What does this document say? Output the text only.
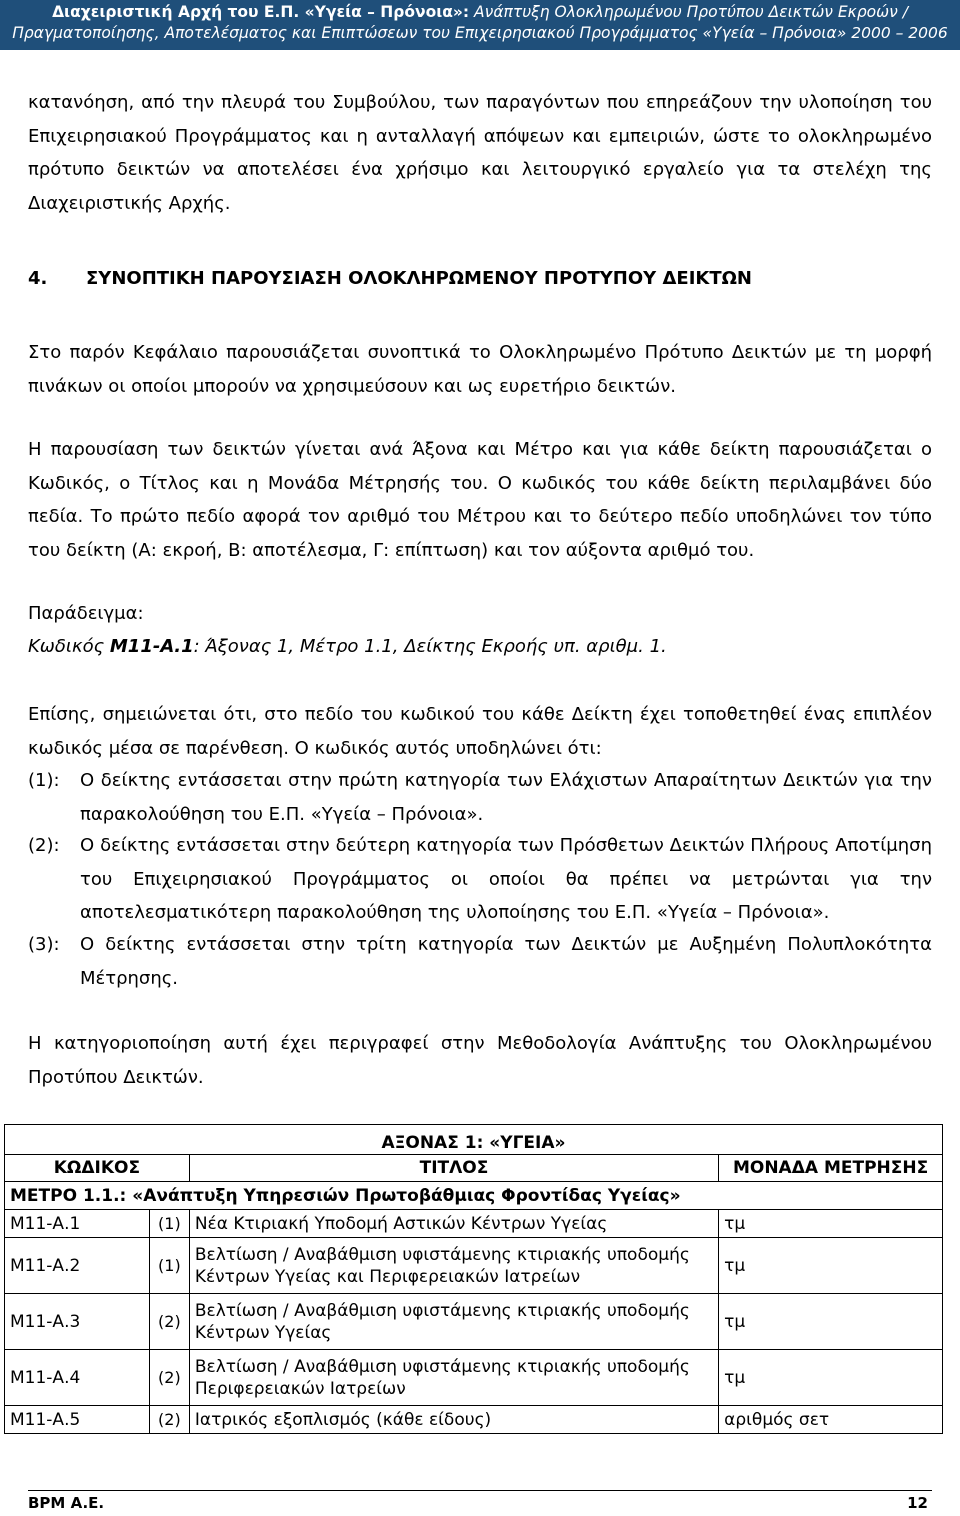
Διαχειριστική Αρχή του Ε.Π. «Υγεία – Πρόνοια»: Ανάπτυξη Ολοκληρωμένου Προτύπου Δεικτών Εκροών /
Πραγματοποίησης, Αποτελέσματος και Επιπτώσεων του Επιχειρησιακού Προγράμματος «Υγεία – Πρόνοια» 2000 – 2006
κατανόηση, από την πλευρά του Συμβούλου, των παραγόντων που επηρεάζουν την υλοποίηση του Επιχειρησιακού Προγράμματος και η ανταλλαγή απόψεων και εμπειριών, ώστε το ολοκληρωμένο πρότυπο δεικτών να αποτελέσει ένα χρήσιμο και λειτουργικό εργαλείο για τα στελέχη της Διαχειριστικής Αρχής.
4. ΣΥΝΟΠΤΙΚΗ ΠΑΡΟΥΣΙΑΣΗ ΟΛΟΚΛΗΡΩΜΕΝΟΥ ΠΡΟΤΥΠΟΥ ΔΕΙΚΤΩΝ
Στο παρόν Κεφάλαιο παρουσιάζεται συνοπτικά το Ολοκληρωμένο Πρότυπο Δεικτών με τη μορφή πινάκων οι οποίοι μπορούν να χρησιμεύσουν και ως ευρετήριο δεικτών.
Η παρουσίαση των δεικτών γίνεται ανά Άξονα και Μέτρο και για κάθε δείκτη παρουσιάζεται ο Κωδικός, ο Τίτλος και η Μονάδα Μέτρησής του. Ο κωδικός του κάθε δείκτη περιλαμβάνει δύο πεδία. Το πρώτο πεδίο αφορά τον αριθμό του Μέτρου και το δεύτερο πεδίο υποδηλώνει τον τύπο του δείκτη (Α: εκροή, Β: αποτέλεσμα, Γ: επίπτωση) και τον αύξοντα αριθμό του.
Παράδειγμα:
Κωδικός Μ11-Α.1: Άξονας 1, Μέτρο 1.1, Δείκτης Εκροής υπ. αριθμ. 1.
Επίσης, σημειώνεται ότι, στο πεδίο του κωδικού του κάθε Δείκτη έχει τοποθετηθεί ένας επιπλέον κωδικός μέσα σε παρένθεση. Ο κωδικός αυτός υποδηλώνει ότι:
(1): Ο δείκτης εντάσσεται στην πρώτη κατηγορία των Ελάχιστων Απαραίτητων Δεικτών για την παρακολούθηση του Ε.Π. «Υγεία – Πρόνοια».
(2): Ο δείκτης εντάσσεται στην δεύτερη κατηγορία των Πρόσθετων Δεικτών Πλήρους Αποτίμηση του Επιχειρησιακού Προγράμματος οι οποίοι θα πρέπει να μετρώνται για την αποτελεσματικότερη παρακολούθηση της υλοποίησης του Ε.Π. «Υγεία – Πρόνοια».
(3): Ο δείκτης εντάσσεται στην τρίτη κατηγορία των Δεικτών με Αυξημένη Πολυπλοκότητα Μέτρησης.
Η κατηγοριοποίηση αυτή έχει περιγραφεί στην Μεθοδολογία Ανάπτυξης του Ολοκληρωμένου Προτύπου Δεικτών.
ΑΞΟΝΑΣ 1: «ΥΓΕΙΑ»			
ΚΩΔΙΚΟΣ		ΤΙΤΛΟΣ	ΜΟΝΑΔΑ ΜΕΤΡΗΣΗΣ
ΜΕΤΡΟ 1.1.: «Ανάπτυξη Υπηρεσιών Πρωτοβάθμιας Φροντίδας Υγείας»			
Μ11-Α.1	(1)	Νέα Κτιριακή Υποδομή Αστικών Κέντρων Υγείας	τμ
Μ11-Α.2	(1)	Βελτίωση / Αναβάθμιση υφιστάμενης κτιριακής υποδομής
Κέντρων Υγείας και Περιφερειακών Ιατρείων	τμ
Μ11-Α.3	(2)	Βελτίωση / Αναβάθμιση υφιστάμενης κτιριακής υποδομής
Κέντρων Υγείας	τμ
Μ11-Α.4	(2)	Βελτίωση / Αναβάθμιση υφιστάμενης κτιριακής υποδομής
Περιφερειακών Ιατρείων	τμ
Μ11-Α.5	(2)	Ιατρικός εξοπλισμός (κάθε είδους)	αριθμός σετ
BPM A.E.	12
